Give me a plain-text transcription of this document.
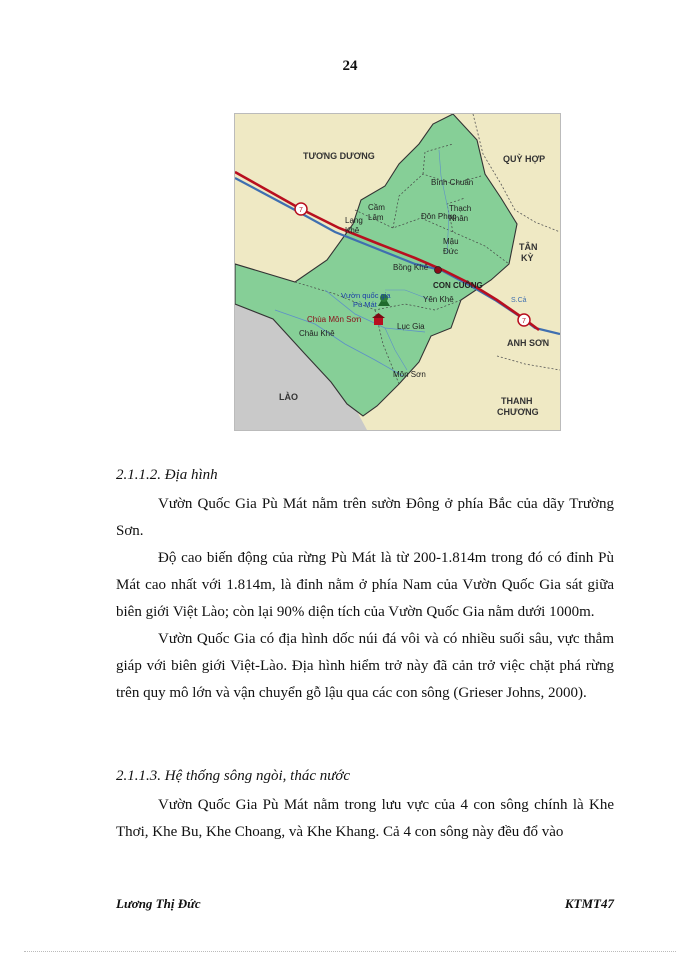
24
7
7
TƯƠNG DƯƠNG	QUỲ HỢP
Bình Chuẩn
Cầm
Lâm	Đôn Phục
Lạng
Khê
Thạch
Nhân
Mậu
Đức	TÂN
KỲ
Bồng Khê
CON CUÔNG
Vườn quốc gia
Pù Mát
Yên Khê	S.Cả
Chùa Môn Sơn
Châu Khê
Lục Gia
ANH SƠN
Môn Sơn
LÀO	THANH
CHƯƠNG
2.1.1.2. Địa hình

Vườn Quốc Gia Pù Mát nằm trên sườn Đông ở phía Bắc của dãy Trường Sơn.

Độ cao biến động của rừng Pù Mát là từ 200-1.814m trong đó có đỉnh Pù Mát cao nhất với 1.814m, là đỉnh nằm ở phía Nam của Vườn Quốc Gia sát giữa biên giới Việt Lào; còn lại 90% diện tích của Vườn Quốc Gia nằm dưới 1000m.

Vườn Quốc Gia có địa hình dốc núi đá vôi và có nhiều suối sâu, vực thẳm giáp với biên giới Việt-Lào. Địa hình hiểm trở này đã cản trở việc chặt phá rừng trên quy mô lớn và vận chuyển gỗ lậu qua các con sông (Grieser Johns, 2000).

2.1.1.3. Hệ thống sông ngòi, thác nước

Vườn Quốc Gia Pù Mát nằm trong lưu vực của 4 con sông chính là Khe Thơi, Khe Bu, Khe Choang, và Khe Khang. Cả 4 con sông này đều đổ vào

Lương Thị Đức	KTMT47
